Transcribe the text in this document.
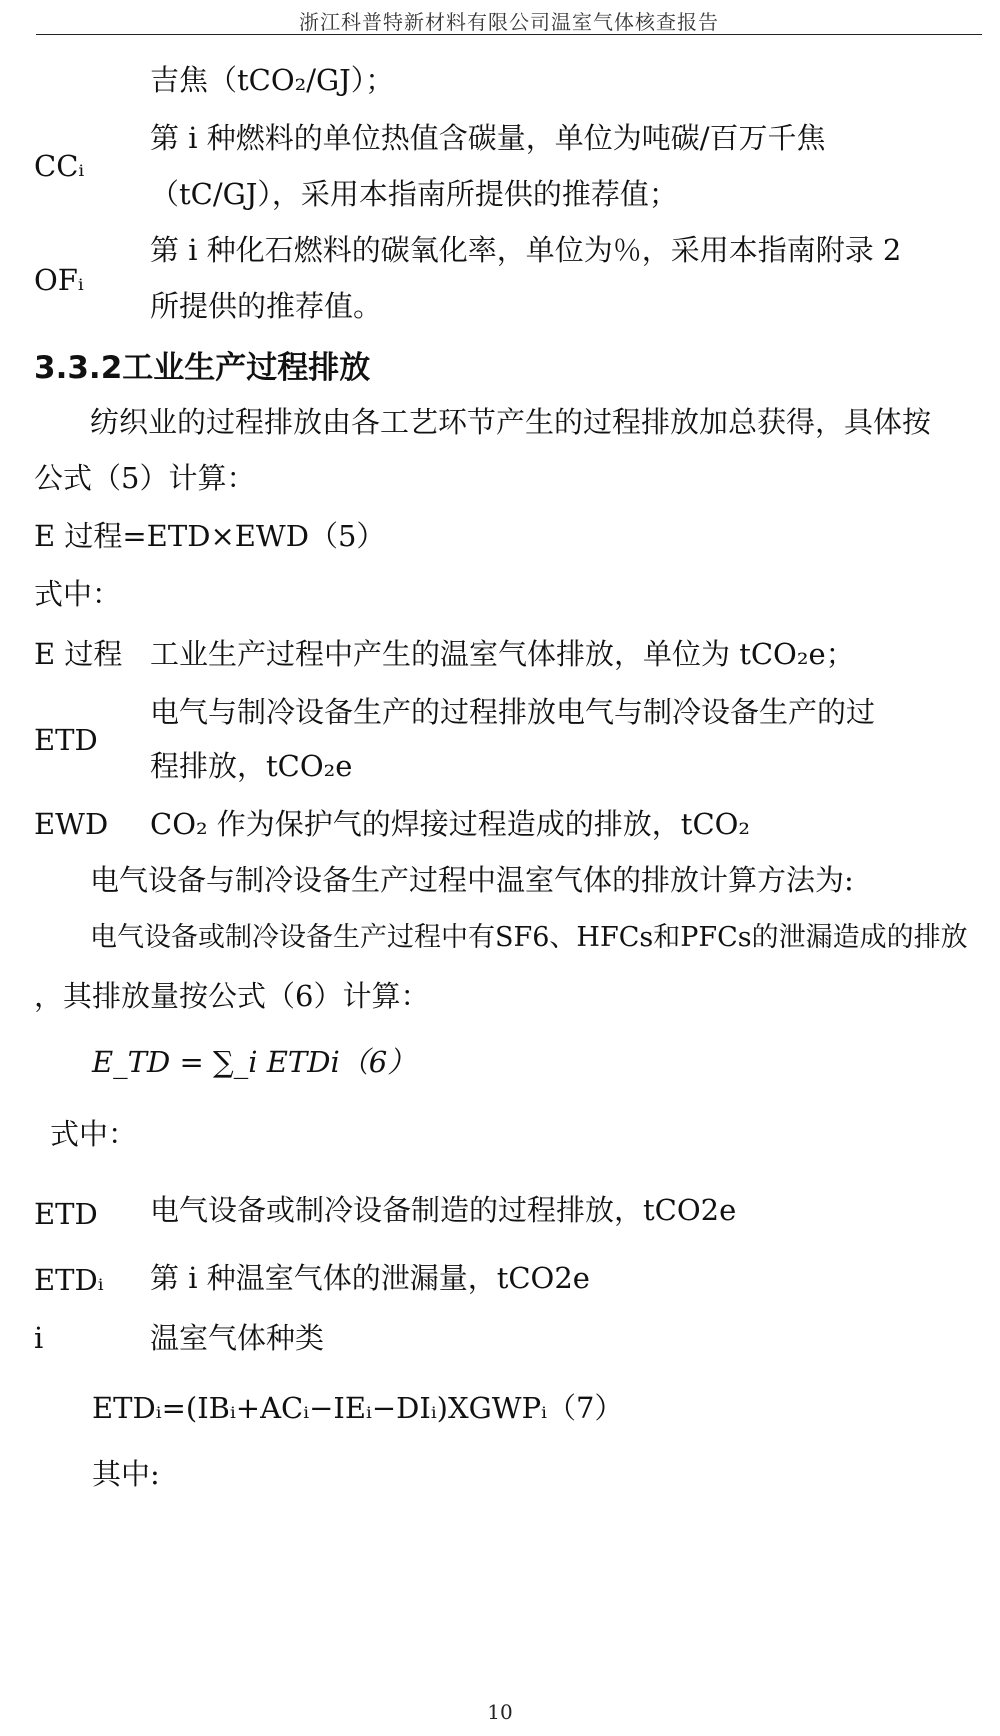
浙江科普特新材料有限公司温室气体核查报告
吉焦（tCO₂/GJ）；
CCᵢ
第 i 种燃料的单位热值含碳量，单位为吨碳/百万千焦
（tC/GJ），采用本指南所提供的推荐值；
OFᵢ
第 i 种化石燃料的碳氧化率，单位为％，采用本指南附录 2
所提供的推荐值。
3.3.2工业生产过程排放
纺织业的过程排放由各工艺环节产生的过程排放加总获得，具体按
公式（5）计算：
E 过程=ETD×EWD（5）
式中：
E 过程 工业生产过程中产生的温室气体排放，单位为 tCO₂e；
ETD
电气与制冷设备生产的过程排放电气与制冷设备生产的过
程排放，tCO₂e
EWD CO₂ 作为保护气的焊接过程造成的排放，tCO₂
电气设备与制冷设备生产过程中温室气体的排放计算方法为:
电气设备或制冷设备生产过程中有SF6、HFCs和PFCs的泄漏造成的排放
，其排放量按公式（6）计算：
E_TD = ∑_i ETDi（6）
式中：
ETD 电气设备或制冷设备制造的过程排放，tCO2e
ETDᵢ 第 i 种温室气体的泄漏量，tCO2e
i	温室气体种类
ETDᵢ=(IBᵢ+ACᵢ−IEᵢ−DIᵢ)XGWPᵢ（7）
其中:
10
